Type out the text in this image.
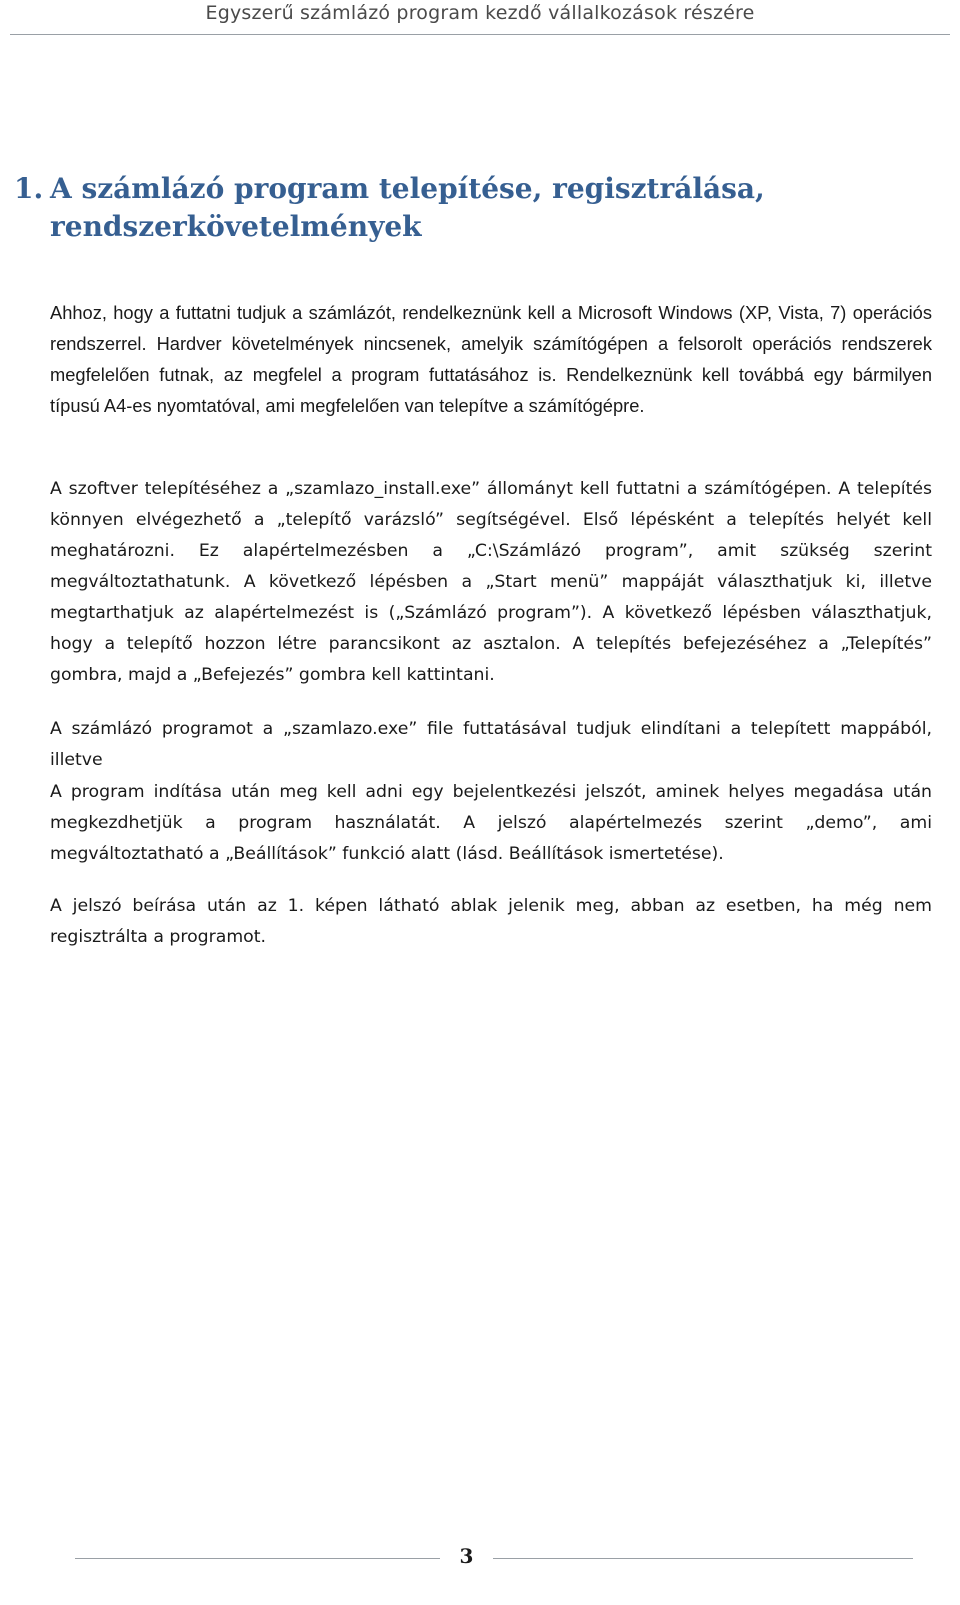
Egyszerű számlázó program kezdő vállalkozások részére
1. A számlázó program telepítése, regisztrálása,
rendszerkövetelmények

Ahhoz, hogy a futtatni tudjuk a számlázót, rendelkeznünk kell a Microsoft Windows (XP, Vista, 7) operációs rendszerrel. Hardver követelmények nincsenek, amelyik számítógépen a felsorolt operációs rendszerek megfelelően futnak, az megfelel a program futtatásához is. Rendelkeznünk kell továbbá egy bármilyen típusú A4-es nyomtatóval, ami megfelelően van telepítve a számítógépre.

A szoftver telepítéséhez a „szamlazo_install.exe” állományt kell futtatni a számítógépen. A telepítés könnyen elvégezhető a „telepítő varázsló” segítségével. Első lépésként a telepítés helyét kell meghatározni. Ez alapértelmezésben a „C:\Számlázó program”, amit szükség szerint megváltoztathatunk. A következő lépésben a „Start menü” mappáját választhatjuk ki, illetve megtarthatjuk az alapértelmezést is („Számlázó program”). A következő lépésben választhatjuk, hogy a telepítő hozzon létre parancsikont az asztalon. A telepítés befejezéséhez a „Telepítés” gombra, majd a „Befejezés” gombra kell kattintani.

A számlázó programot a „szamlazo.exe” file futtatásával tudjuk elindítani a telepített mappából, illetve

A program indítása után meg kell adni egy bejelentkezési jelszót, aminek helyes megadása után megkezdhetjük a program használatát. A jelszó alapértelmezés szerint „demo”, ami megváltoztatható a „Beállítások” funkció alatt (lásd. Beállítások ismertetése).

A jelszó beírása után az 1. képen látható ablak jelenik meg, abban az esetben, ha még nem regisztrálta a programot.

3
